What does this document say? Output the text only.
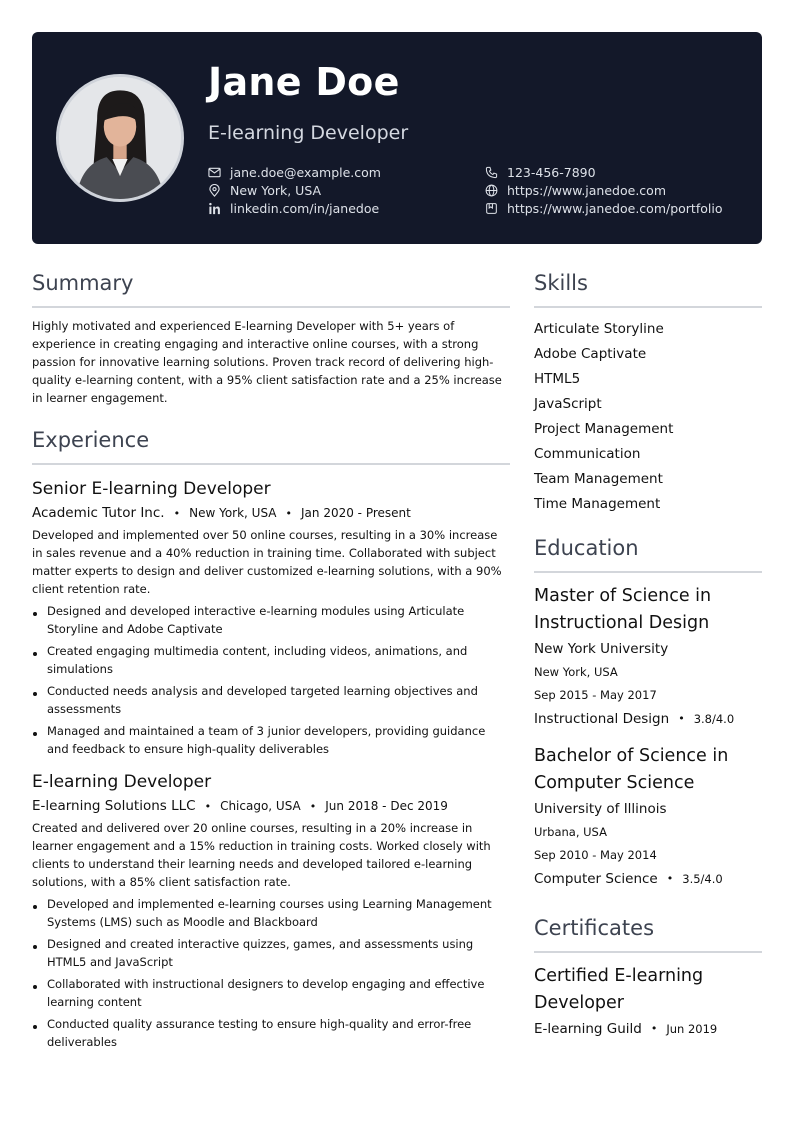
Jane Doe
E-learning Developer
jane.doe@example.com
New York, USA
linkedin.com/in/janedoe
123-456-7890
https://www.janedoe.com
https://www.janedoe.com/portfolio
Summary

Highly motivated and experienced E-learning Developer with 5+ years of experience in creating engaging and interactive online courses, with a strong passion for innovative learning solutions. Proven track record of delivering high-quality e-learning content, with a 95% client satisfaction rate and a 25% increase in learner engagement.

Experience
Senior E-learning Developer
Academic Tutor Inc. • New York, USA • Jan 2020 - Present

Developed and implemented over 50 online courses, resulting in a 30% increase in sales revenue and a 40% reduction in training time. Collaborated with subject matter experts to design and deliver customized e-learning solutions, with a 90% client retention rate.

Designed and developed interactive e-learning modules using Articulate Storyline and Adobe Captivate
Created engaging multimedia content, including videos, animations, and simulations
Conducted needs analysis and developed targeted learning objectives and assessments
Managed and maintained a team of 3 junior developers, providing guidance and feedback to ensure high-quality deliverables
E-learning Developer
E-learning Solutions LLC • Chicago, USA • Jun 2018 - Dec 2019

Created and delivered over 20 online courses, resulting in a 20% increase in learner engagement and a 15% reduction in training costs. Worked closely with clients to understand their learning needs and developed tailored e-learning solutions, with a 85% client satisfaction rate.

Developed and implemented e-learning courses using Learning Management Systems (LMS) such as Moodle and Blackboard
Designed and created interactive quizzes, games, and assessments using HTML5 and JavaScript
Collaborated with instructional designers to develop engaging and effective learning content
Conducted quality assurance testing to ensure high-quality and error-free deliverables
Skills
Articulate Storyline
Adobe Captivate
HTML5
JavaScript
Project Management
Communication
Team Management
Time Management
Education
Master of Science in Instructional Design
New York University
New York, USA
Sep 2015 - May 2017
Instructional Design • 3.8/4.0
Bachelor of Science in Computer Science
University of Illinois
Urbana, USA
Sep 2010 - May 2014
Computer Science • 3.5/4.0
Certificates
Certified E-learning Developer
E-learning Guild • Jun 2019
